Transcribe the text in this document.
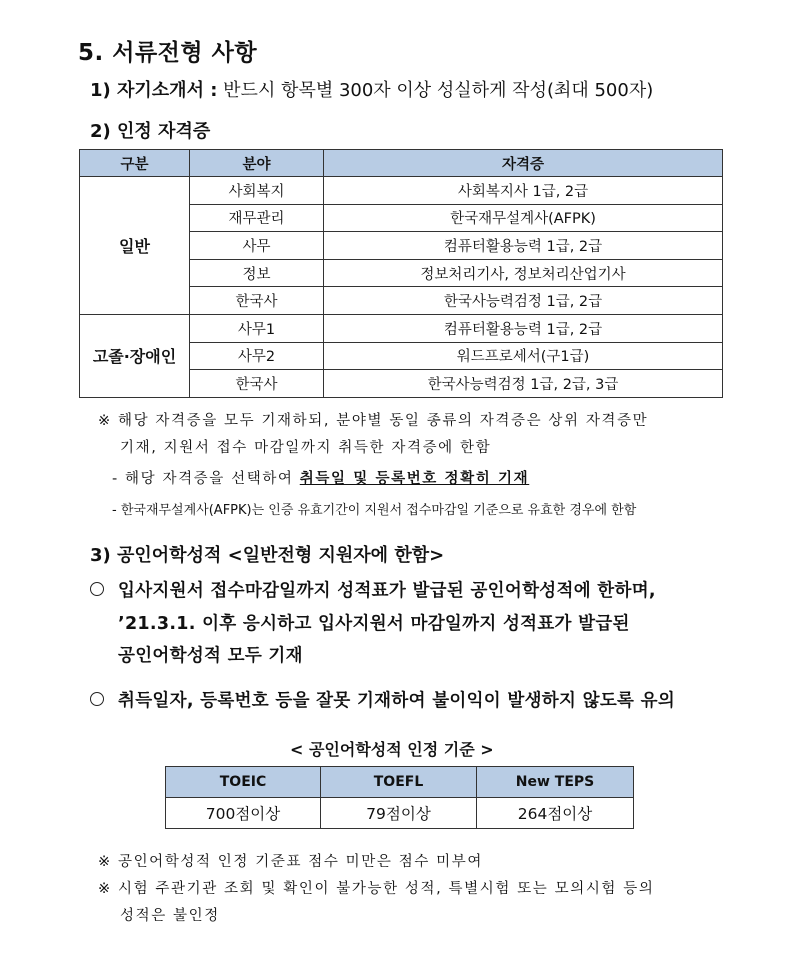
5. 서류전형 사항
1) 자기소개서 : 반드시 항목별 300자 이상 성실하게 작성(최대 500자)
2) 인정 자격증
구분	분야	자격증
일반	사회복지	사회복지사 1급, 2급
	재무관리	한국재무설계사(AFPK)
	사무	컴퓨터활용능력 1급, 2급
	정보	정보처리기사, 정보처리산업기사
	한국사	한국사능력검정 1급, 2급
고졸·장애인	사무1	컴퓨터활용능력 1급, 2급
	사무2	워드프로세서(구1급)
	한국사	한국사능력검정 1급, 2급, 3급
※ 해당 자격증을 모두 기재하되, 분야별 동일 종류의 자격증은 상위 자격증만
기재, 지원서 접수 마감일까지 취득한 자격증에 한함
- 해당 자격증을 선택하여 취득일 및 등록번호 정확히 기재
- 한국재무설계사(AFPK)는 인증 유효기간이 지원서 접수마감일 기준으로 유효한 경우에 한함
3) 공인어학성적 <일반전형 지원자에 한함>
입사지원서 접수마감일까지 성적표가 발급된 공인어학성적에 한하며,
’21.3.1. 이후 응시하고 입사지원서 마감일까지 성적표가 발급된
공인어학성적 모두 기재
취득일자, 등록번호 등을 잘못 기재하여 불이익이 발생하지 않도록 유의
< 공인어학성적 인정 기준 >
TOEIC	TOEFL	New TEPS
700점이상	79점이상	264점이상
※ 공인어학성적 인정 기준표 점수 미만은 점수 미부여
※ 시험 주관기관 조회 및 확인이 불가능한 성적, 특별시험 또는 모의시험 등의
성적은 불인정
